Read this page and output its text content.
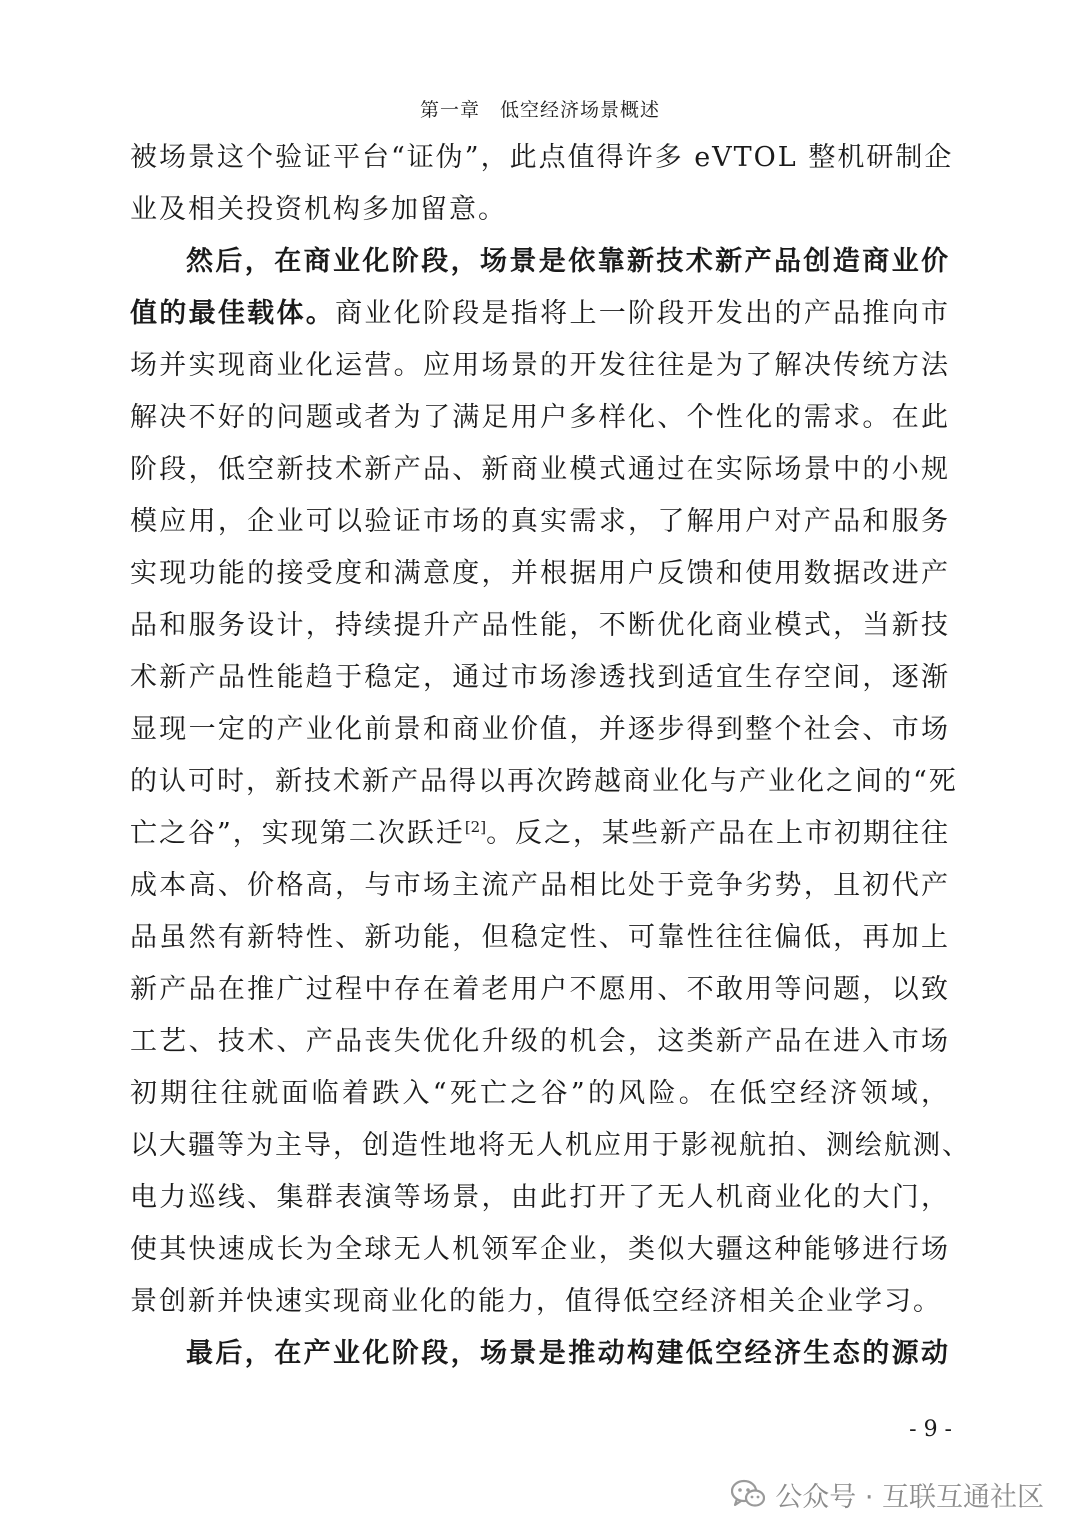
第一章　低空经济场景概述
被场景这个验证平台“证伪”，此点值得许多 eVTOL 整机研制企
业及相关投资机构多加留意。
然后，在商业化阶段，场景是依靠新技术新产品创造商业价
值的最佳载体。商业化阶段是指将上一阶段开发出的产品推向市
场并实现商业化运营。应用场景的开发往往是为了解决传统方法
解决不好的问题或者为了满足用户多样化、个性化的需求。在此
阶段，低空新技术新产品、新商业模式通过在实际场景中的小规
模应用，企业可以验证市场的真实需求，了解用户对产品和服务
实现功能的接受度和满意度，并根据用户反馈和使用数据改进产
品和服务设计，持续提升产品性能，不断优化商业模式，当新技
术新产品性能趋于稳定，通过市场渗透找到适宜生存空间，逐渐
显现一定的产业化前景和商业价值，并逐步得到整个社会、市场
的认可时，新技术新产品得以再次跨越商业化与产业化之间的“死
亡之谷”，实现第二次跃迁[2]。反之，某些新产品在上市初期往往
成本高、价格高，与市场主流产品相比处于竞争劣势，且初代产
品虽然有新特性、新功能，但稳定性、可靠性往往偏低，再加上
新产品在推广过程中存在着老用户不愿用、不敢用等问题，以致
工艺、技术、产品丧失优化升级的机会，这类新产品在进入市场
初期往往就面临着跌入“死亡之谷”的风险。在低空经济领域，
以大疆等为主导，创造性地将无人机应用于影视航拍、测绘航测、
电力巡线、集群表演等场景，由此打开了无人机商业化的大门，
使其快速成长为全球无人机领军企业，类似大疆这种能够进行场
景创新并快速实现商业化的能力，值得低空经济相关企业学习。
最后，在产业化阶段，场景是推动构建低空经济生态的源动
- 9 -
公众号 · 互联互通社区
